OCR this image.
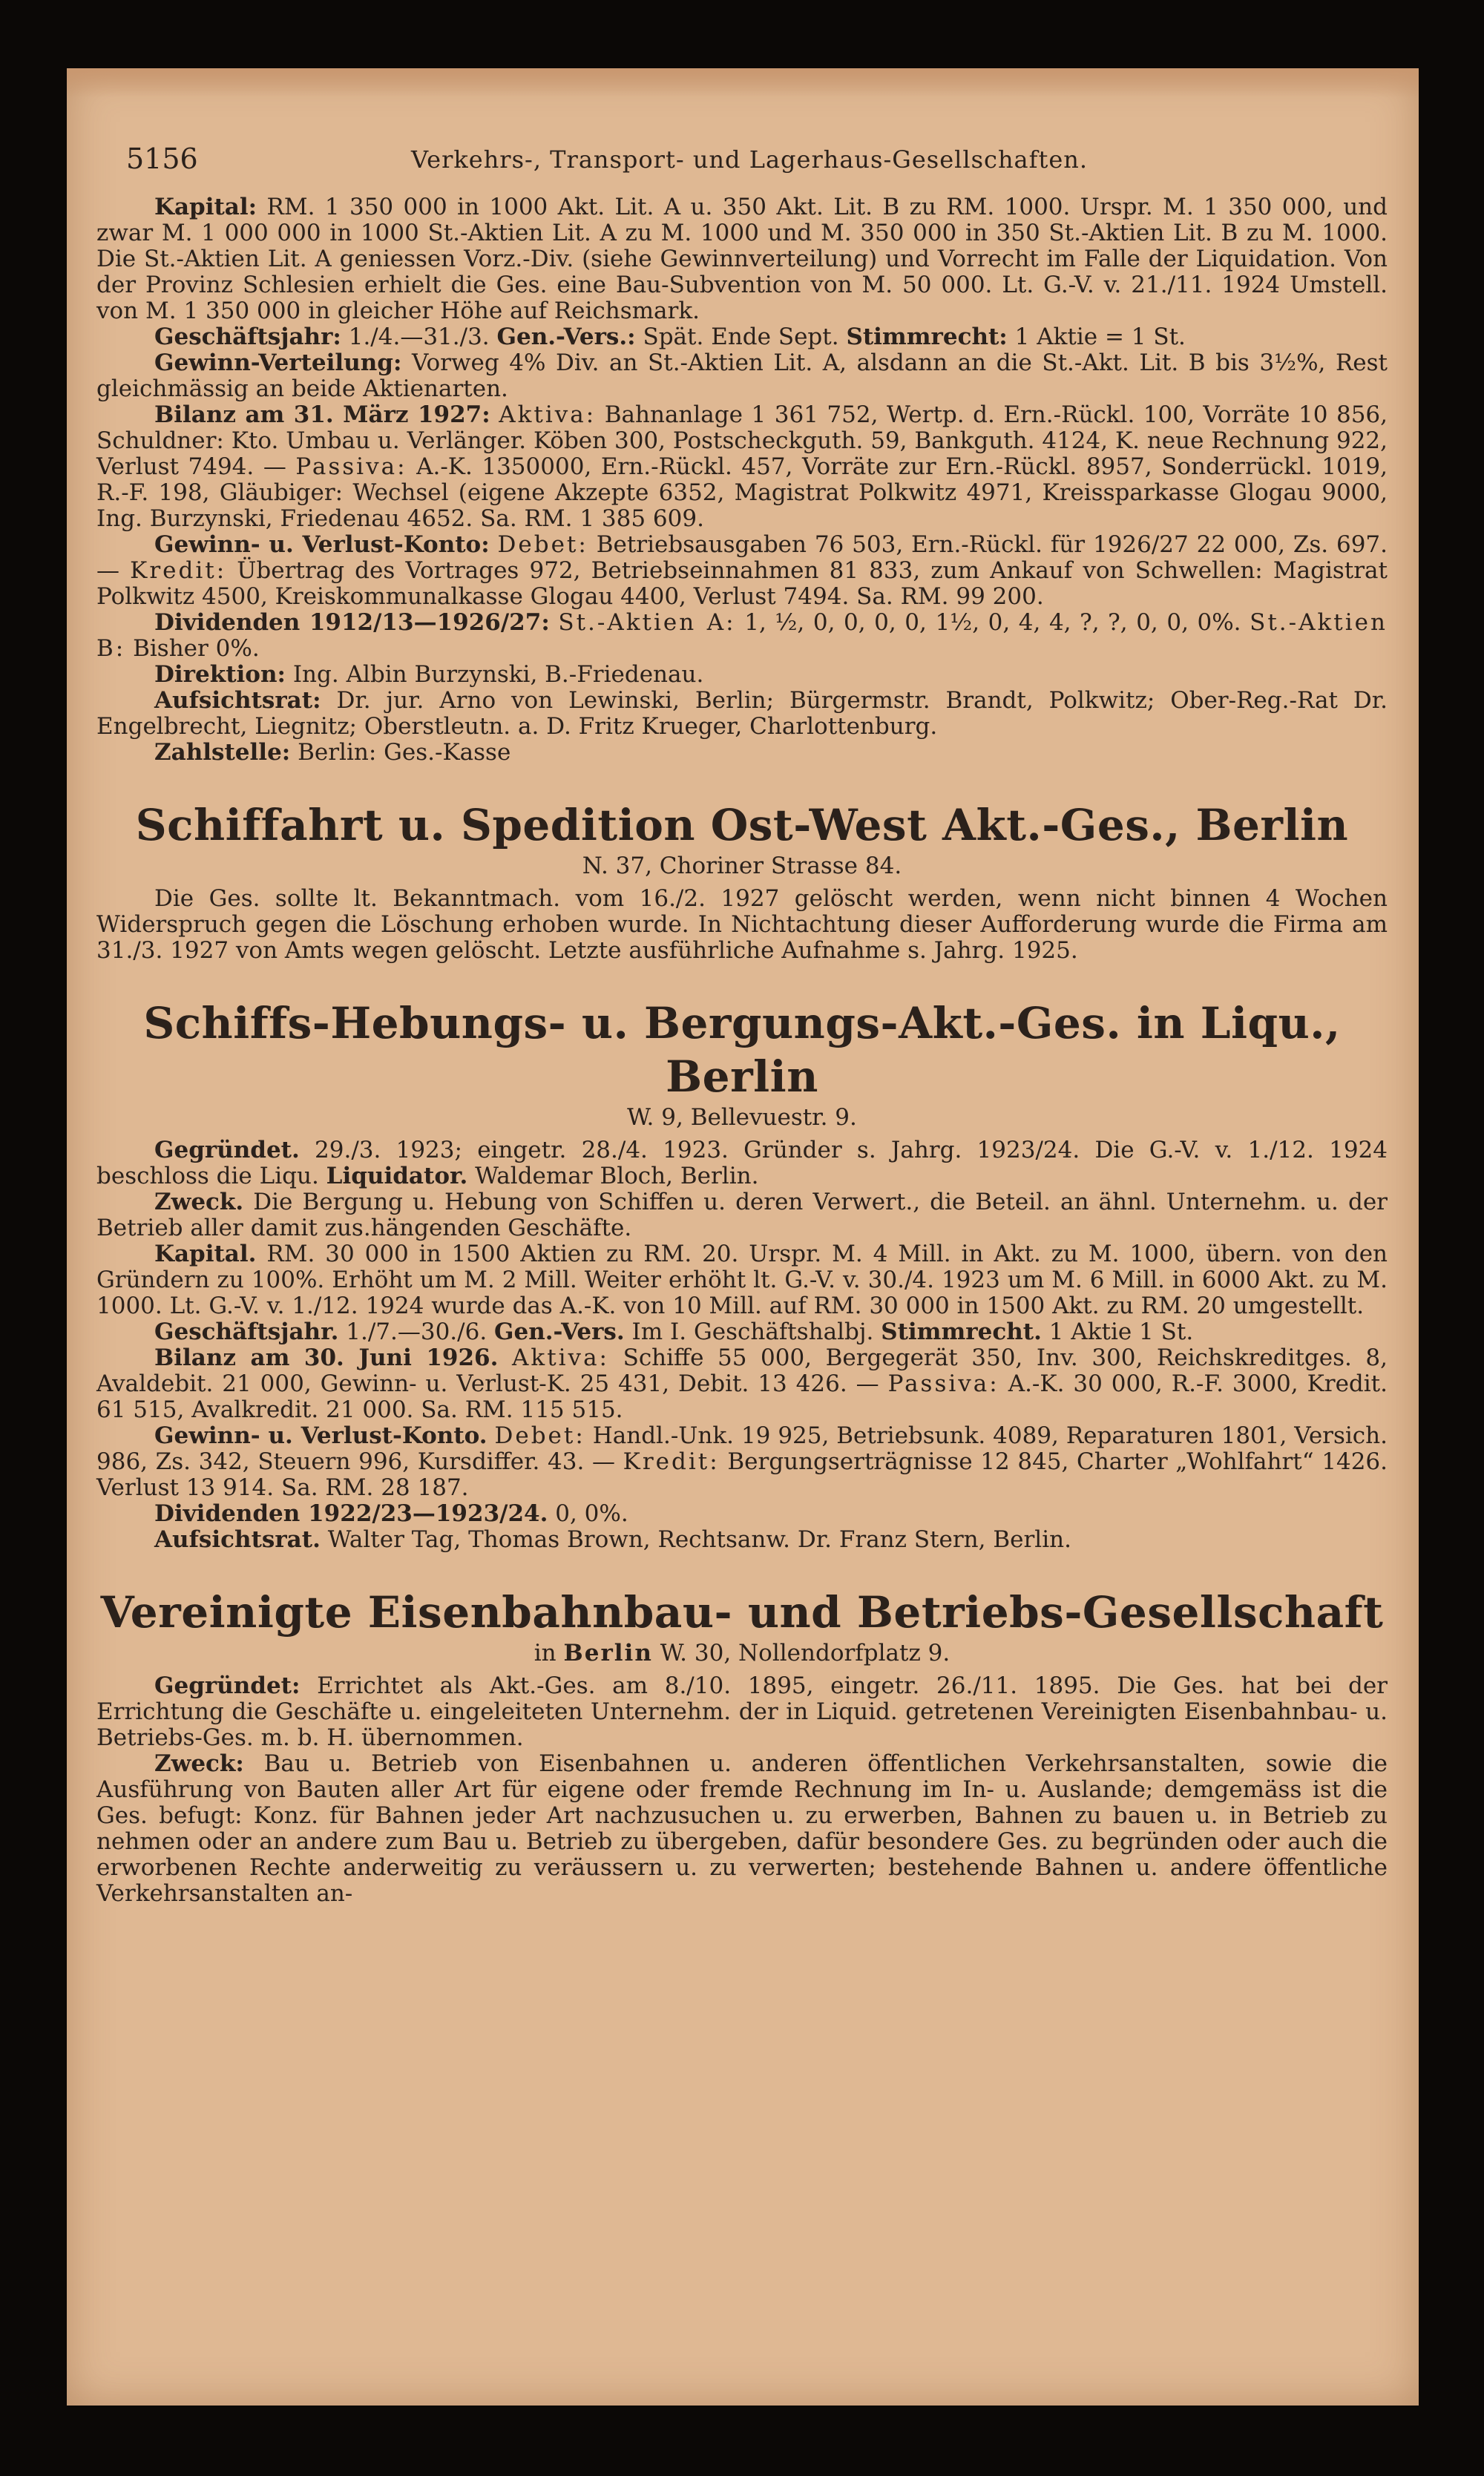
5156	Verkehrs-, Transport- und Lagerhaus-Gesellschaften.

Kapital: RM. 1 350 000 in 1000 Akt. Lit. A u. 350 Akt. Lit. B zu RM. 1000. Urspr. M. 1 350 000, und zwar M. 1 000 000 in 1000 St.-Aktien Lit. A zu M. 1000 und M. 350 000 in 350 St.-Aktien Lit. B zu M. 1000. Die St.-Aktien Lit. A geniessen Vorz.-Div. (siehe Gewinnverteilung) und Vorrecht im Falle der Liquidation. Von der Provinz Schlesien erhielt die Ges. eine Bau-Subvention von M. 50 000. Lt. G.-V. v. 21./11. 1924 Umstell. von M. 1 350 000 in gleicher Höhe auf Reichsmark.

Geschäftsjahr: 1./4.—31./3. Gen.-Vers.: Spät. Ende Sept. Stimmrecht: 1 Aktie = 1 St.

Gewinn-Verteilung: Vorweg 4% Div. an St.-Aktien Lit. A, alsdann an die St.-Akt. Lit. B bis 3½%, Rest gleichmässig an beide Aktienarten.

Bilanz am 31. März 1927: Aktiva: Bahnanlage 1 361 752, Wertp. d. Ern.-Rückl. 100, Vorräte 10 856, Schuldner: Kto. Umbau u. Verlänger. Köben 300, Postscheckguth. 59, Bankguth. 4124, K. neue Rechnung 922, Verlust 7494. — Passiva: A.-K. 1350000, Ern.-Rückl. 457, Vorräte zur Ern.-Rückl. 8957, Sonderrückl. 1019, R.-F. 198, Gläubiger: Wechsel (eigene Akzepte 6352, Magistrat Polkwitz 4971, Kreissparkasse Glogau 9000, Ing. Burzynski, Friedenau 4652. Sa. RM. 1 385 609.

Gewinn- u. Verlust-Konto: Debet: Betriebsausgaben 76 503, Ern.-Rückl. für 1926/27 22 000, Zs. 697. — Kredit: Übertrag des Vortrages 972, Betriebseinnahmen 81 833, zum Ankauf von Schwellen: Magistrat Polkwitz 4500, Kreiskommunalkasse Glogau 4400, Verlust 7494. Sa. RM. 99 200.

Dividenden 1912/13—1926/27: St.-Aktien A: 1, ½, 0, 0, 0, 0, 1½, 0, 4, 4, ?, ?, 0, 0, 0%. St.-Aktien B: Bisher 0%.

Direktion: Ing. Albin Burzynski, B.-Friedenau.

Aufsichtsrat: Dr. jur. Arno von Lewinski, Berlin; Bürgermstr. Brandt, Polkwitz; Ober-Reg.-Rat Dr. Engelbrecht, Liegnitz; Oberstleutn. a. D. Fritz Krueger, Charlottenburg.

Zahlstelle: Berlin: Ges.-Kasse

Schiffahrt u. Spedition Ost-West Akt.-Ges., Berlin

N. 37, Choriner Strasse 84.

Die Ges. sollte lt. Bekanntmach. vom 16./2. 1927 gelöscht werden, wenn nicht binnen 4 Wochen Widerspruch gegen die Löschung erhoben wurde. In Nichtachtung dieser Aufforderung wurde die Firma am 31./3. 1927 von Amts wegen gelöscht. Letzte ausführliche Aufnahme s. Jahrg. 1925.

Schiffs-Hebungs- u. Bergungs-Akt.-Ges. in Liqu., Berlin

W. 9, Bellevuestr. 9.

Gegründet. 29./3. 1923; eingetr. 28./4. 1923. Gründer s. Jahrg. 1923/24. Die G.-V. v. 1./12. 1924 beschloss die Liqu. Liquidator. Waldemar Bloch, Berlin.

Zweck. Die Bergung u. Hebung von Schiffen u. deren Verwert., die Beteil. an ähnl. Unternehm. u. der Betrieb aller damit zus.hängenden Geschäfte.

Kapital. RM. 30 000 in 1500 Aktien zu RM. 20. Urspr. M. 4 Mill. in Akt. zu M. 1000, übern. von den Gründern zu 100%. Erhöht um M. 2 Mill. Weiter erhöht lt. G.-V. v. 30./4. 1923 um M. 6 Mill. in 6000 Akt. zu M. 1000. Lt. G.-V. v. 1./12. 1924 wurde das A.-K. von 10 Mill. auf RM. 30 000 in 1500 Akt. zu RM. 20 umgestellt.

Geschäftsjahr. 1./7.—30./6. Gen.-Vers. Im I. Geschäftshalbj. Stimmrecht. 1 Aktie 1 St.

Bilanz am 30. Juni 1926. Aktiva: Schiffe 55 000, Bergegerät 350, Inv. 300, Reichskreditges. 8, Avaldebit. 21 000, Gewinn- u. Verlust-K. 25 431, Debit. 13 426. — Passiva: A.-K. 30 000, R.-F. 3000, Kredit. 61 515, Avalkredit. 21 000. Sa. RM. 115 515.

Gewinn- u. Verlust-Konto. Debet: Handl.-Unk. 19 925, Betriebsunk. 4089, Reparaturen 1801, Versich. 986, Zs. 342, Steuern 996, Kursdiffer. 43. — Kredit: Bergungserträgnisse 12 845, Charter „Wohlfahrt“ 1426. Verlust 13 914. Sa. RM. 28 187.

Dividenden 1922/23—1923/24. 0, 0%.

Aufsichtsrat. Walter Tag, Thomas Brown, Rechtsanw. Dr. Franz Stern, Berlin.

Vereinigte Eisenbahnbau- und Betriebs-Gesellschaft

in Berlin W. 30, Nollendorfplatz 9.

Gegründet: Errichtet als Akt.-Ges. am 8./10. 1895, eingetr. 26./11. 1895. Die Ges. hat bei der Errichtung die Geschäfte u. eingeleiteten Unternehm. der in Liquid. getretenen Vereinigten Eisenbahnbau- u. Betriebs-Ges. m. b. H. übernommen.

Zweck: Bau u. Betrieb von Eisenbahnen u. anderen öffentlichen Verkehrsanstalten, sowie die Ausführung von Bauten aller Art für eigene oder fremde Rechnung im In- u. Auslande; demgemäss ist die Ges. befugt: Konz. für Bahnen jeder Art nachzusuchen u. zu erwerben, Bahnen zu bauen u. in Betrieb zu nehmen oder an andere zum Bau u. Betrieb zu übergeben, dafür besondere Ges. zu begründen oder auch die erworbenen Rechte anderweitig zu veräussern u. zu verwerten; bestehende Bahnen u. andere öffentliche Verkehrsanstalten an-
